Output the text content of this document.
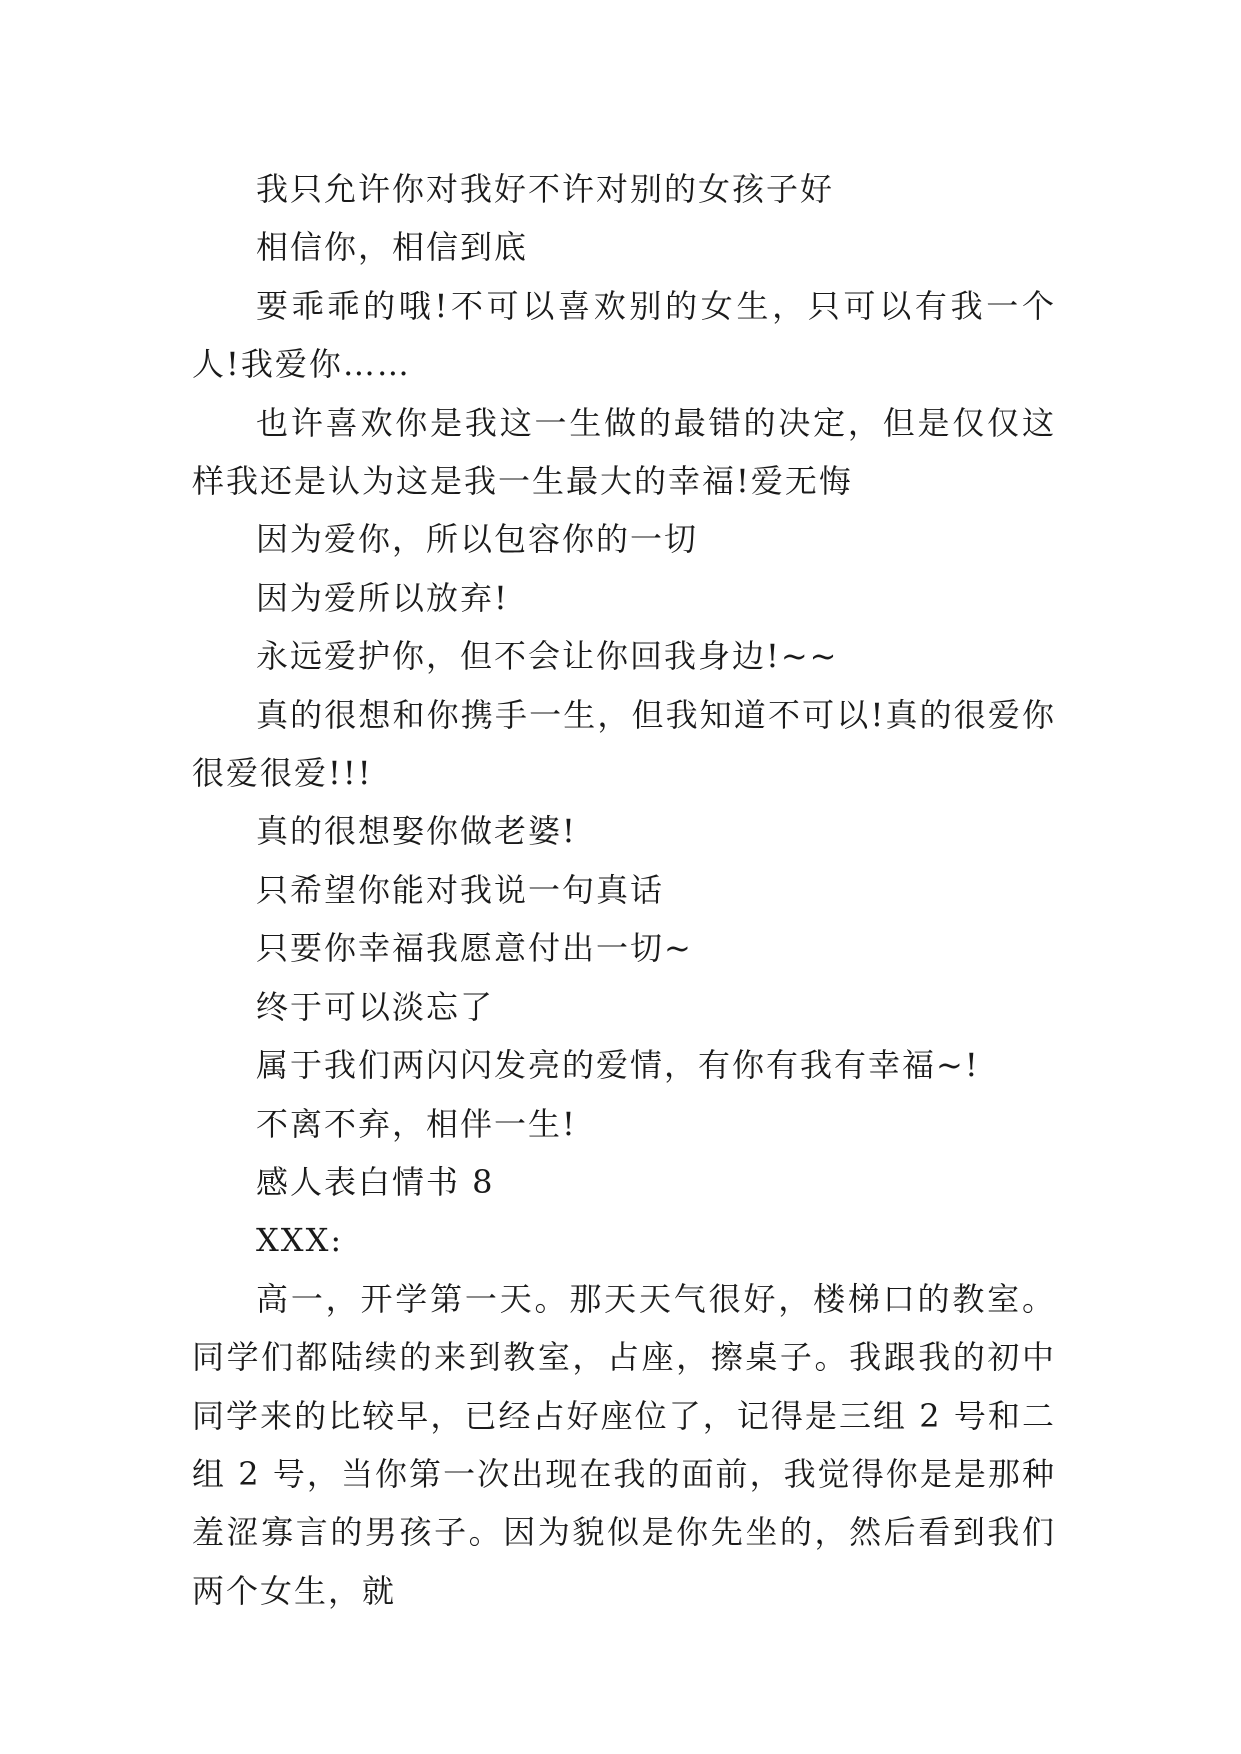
我只允许你对我好不许对别的女孩子好

相信你，相信到底

要乖乖的哦!不可以喜欢别的女生，只可以有我一个人!我爱你……

也许喜欢你是我这一生做的最错的决定，但是仅仅这样我还是认为这是我一生最大的幸福!爱无悔

因为爱你，所以包容你的一切

因为爱所以放弃!

永远爱护你，但不会让你回我身边!~~

真的很想和你携手一生，但我知道不可以!真的很爱你很爱很爱!!!

真的很想娶你做老婆!

只希望你能对我说一句真话

只要你幸福我愿意付出一切~

终于可以淡忘了

属于我们两闪闪发亮的爱情，有你有我有幸福~!

不离不弃，相伴一生!

感人表白情书 8

XXX:

高一，开学第一天。那天天气很好，楼梯口的教室。同学们都陆续的来到教室，占座，擦桌子。我跟我的初中同学来的比较早，已经占好座位了，记得是三组 2 号和二组 2 号，当你第一次出现在我的面前，我觉得你是是那种羞涩寡言的男孩子。因为貌似是你先坐的，然后看到我们两个女生，就
